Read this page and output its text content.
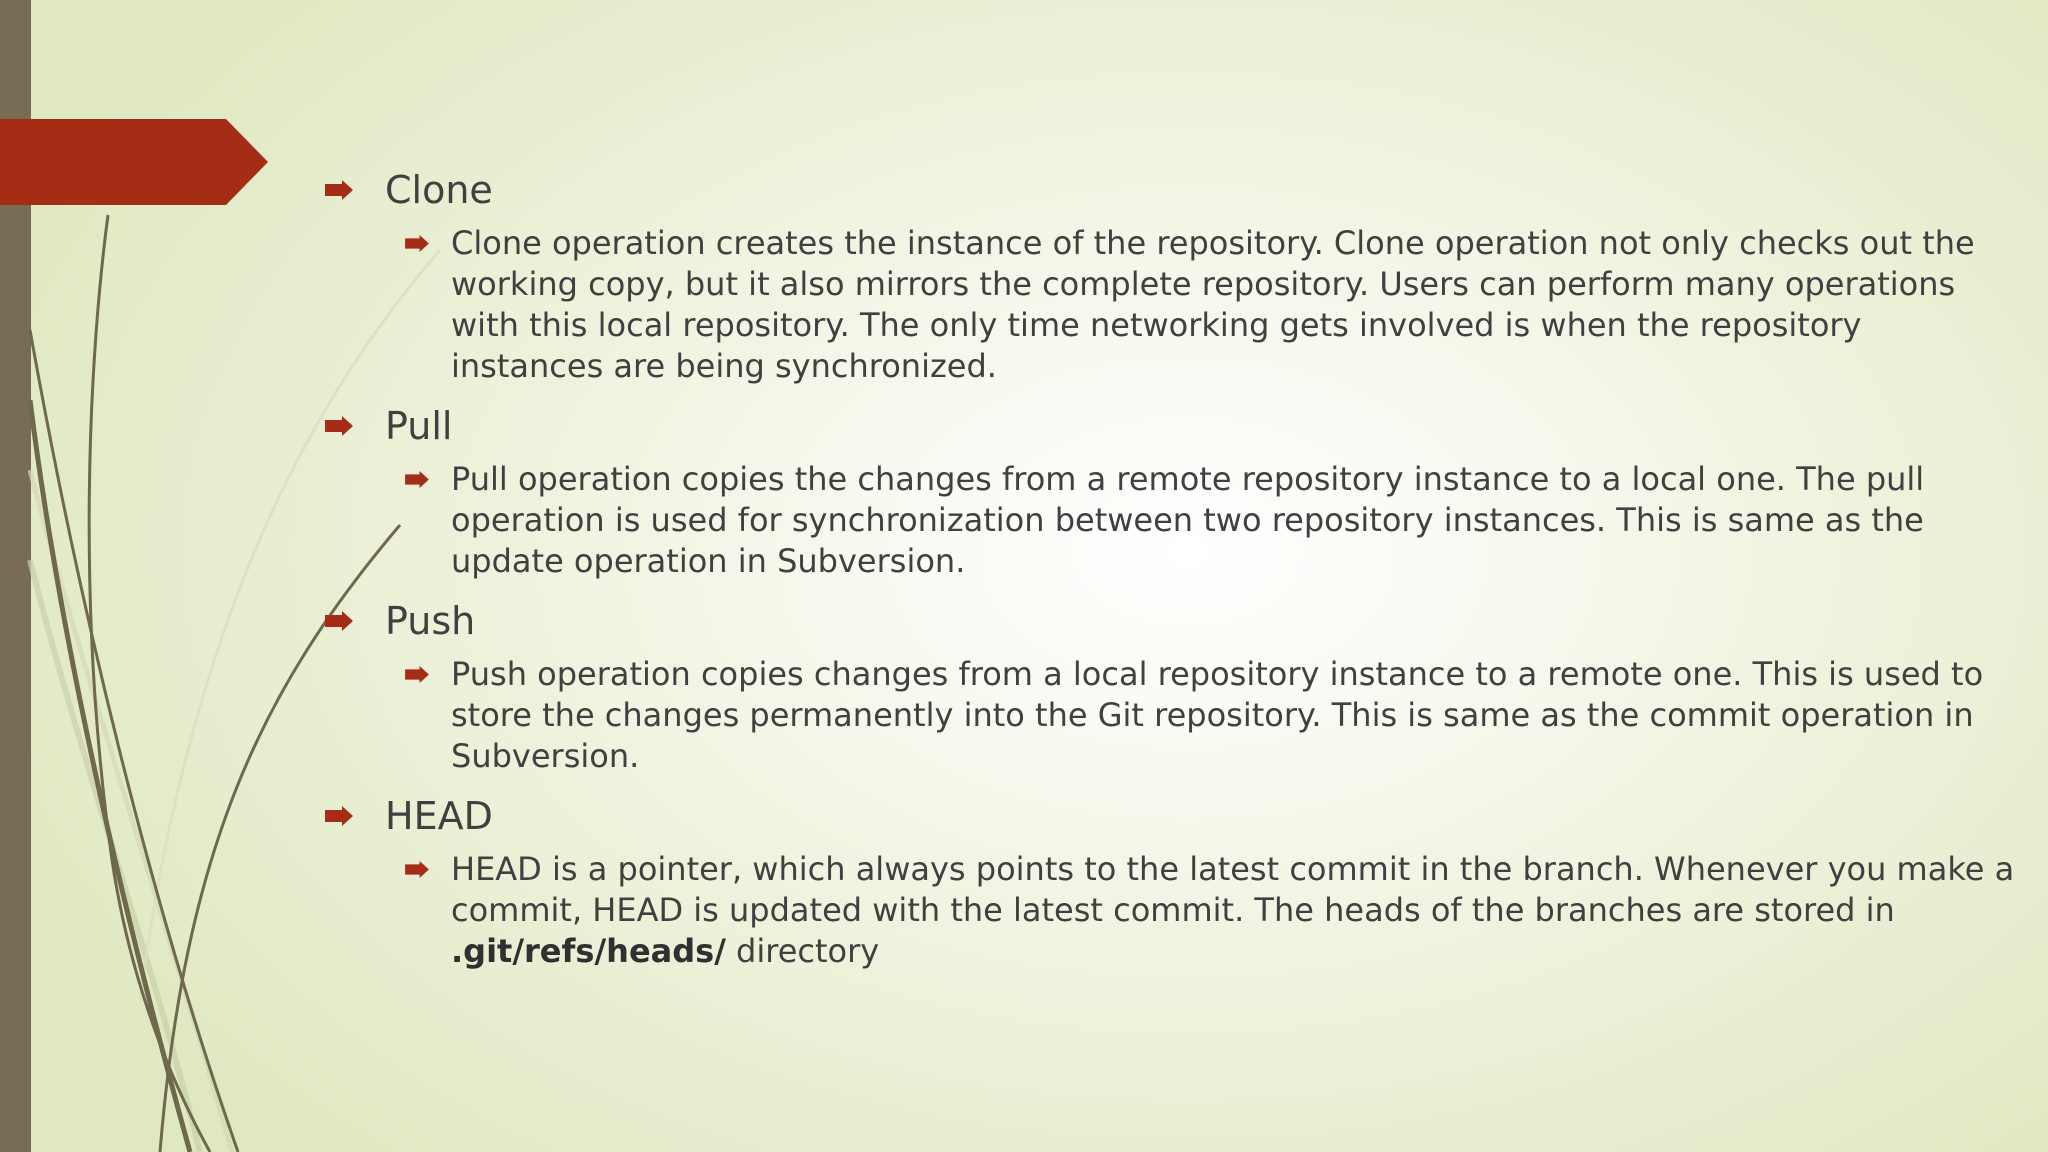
Clone
Clone operation creates the instance of the repository. Clone operation not only checks out the working copy, but it also mirrors the complete repository. Users can perform many operations with this local repository. The only time networking gets involved is when the repository instances are being synchronized.
Pull
Pull operation copies the changes from a remote repository instance to a local one. The pull operation is used for synchronization between two repository instances. This is same as the update operation in Subversion.
Push
Push operation copies changes from a local repository instance to a remote one. This is used to store the changes permanently into the Git repository. This is same as the commit operation in Subversion.
HEAD
HEAD is a pointer, which always points to the latest commit in the branch. Whenever you make a commit, HEAD is updated with the latest commit. The heads of the branches are stored in .git/refs/heads/ directory
